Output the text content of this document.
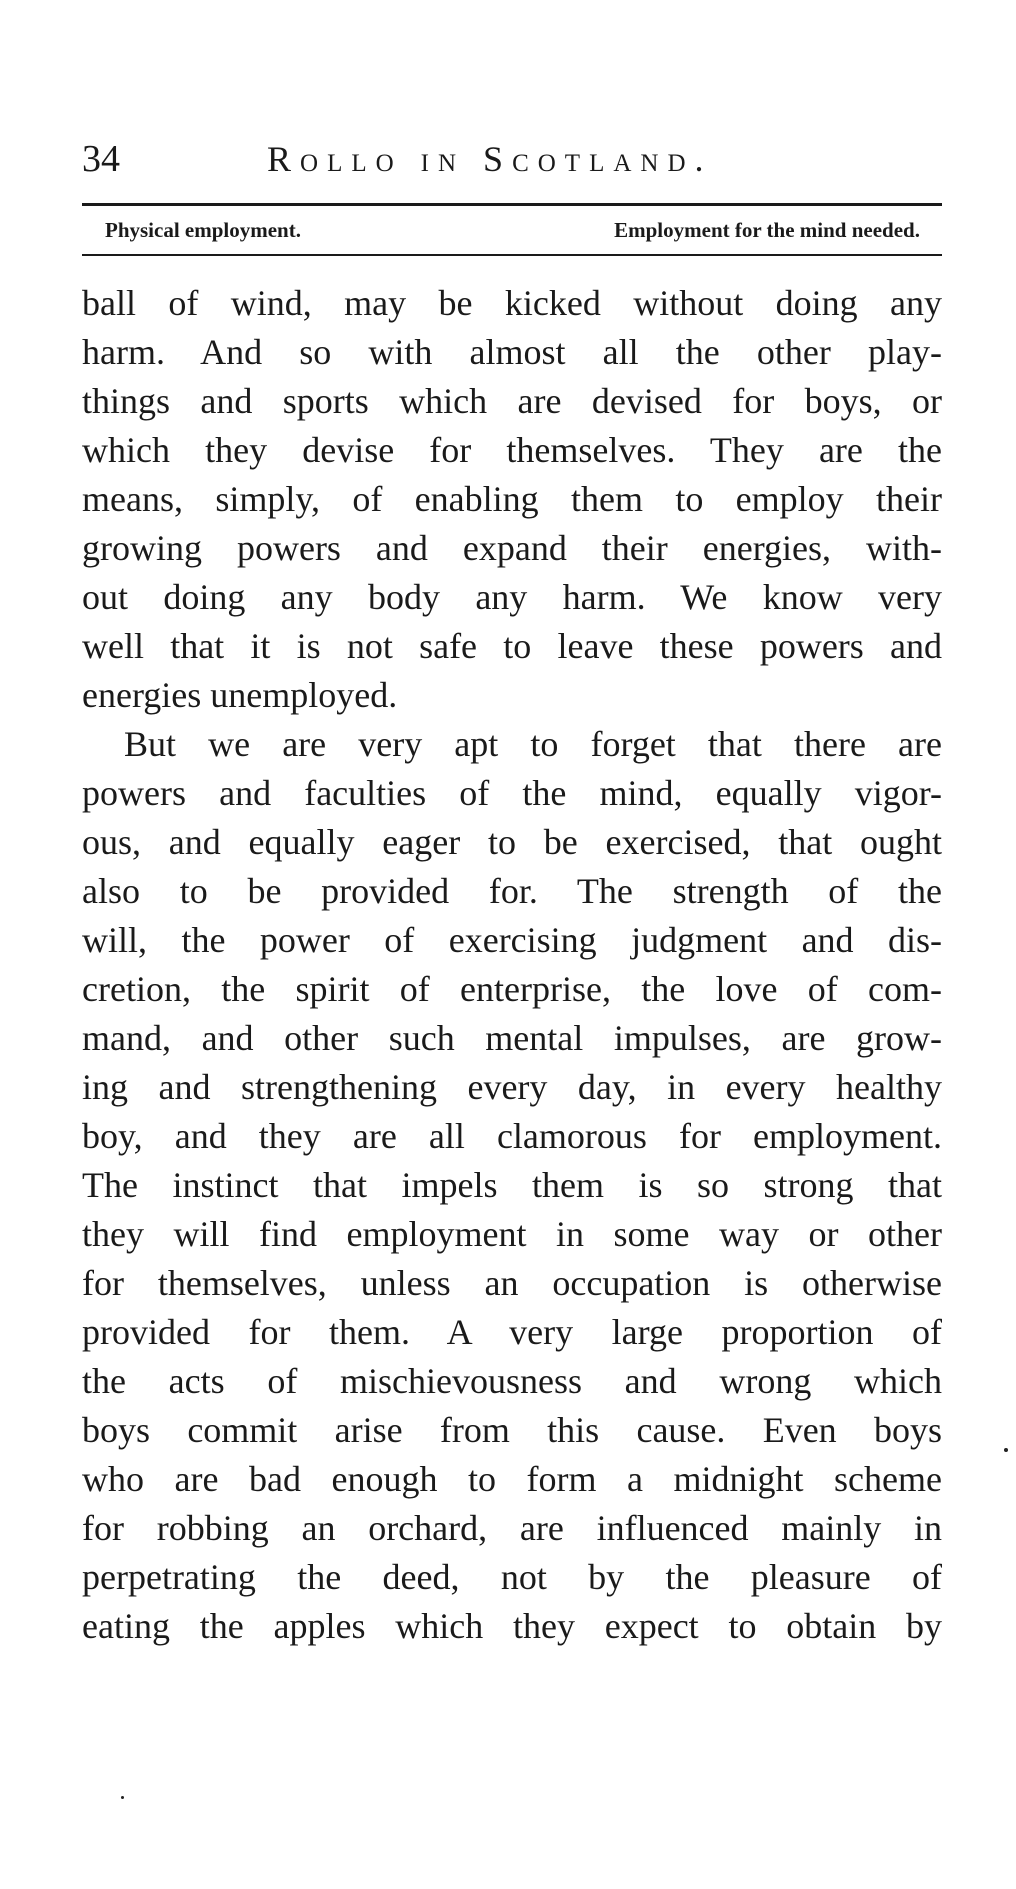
34	Rollo in Scotland.
Physical employment.	Employment for the mind needed.
ball of wind, may be kicked without doing any
harm. And so with almost all the other play-
things and sports which are devised for boys, or
which they devise for themselves. They are the
means, simply, of enabling them to employ their
growing powers and expand their energies, with-
out doing any body any harm. We know very
well that it is not safe to leave these powers and
energies unemployed.
But we are very apt to forget that there are
powers and faculties of the mind, equally vigor-
ous, and equally eager to be exercised, that ought
also to be provided for. The strength of the
will, the power of exercising judgment and dis-
cretion, the spirit of enterprise, the love of com-
mand, and other such mental impulses, are grow-
ing and strengthening every day, in every healthy
boy, and they are all clamorous for employment.
The instinct that impels them is so strong that
they will find employment in some way or other
for themselves, unless an occupation is otherwise
provided for them. A very large proportion of
the acts of mischievousness and wrong which
boys commit arise from this cause. Even boys
who are bad enough to form a midnight scheme
for robbing an orchard, are influenced mainly in
perpetrating the deed, not by the pleasure of
eating the apples which they expect to obtain by
